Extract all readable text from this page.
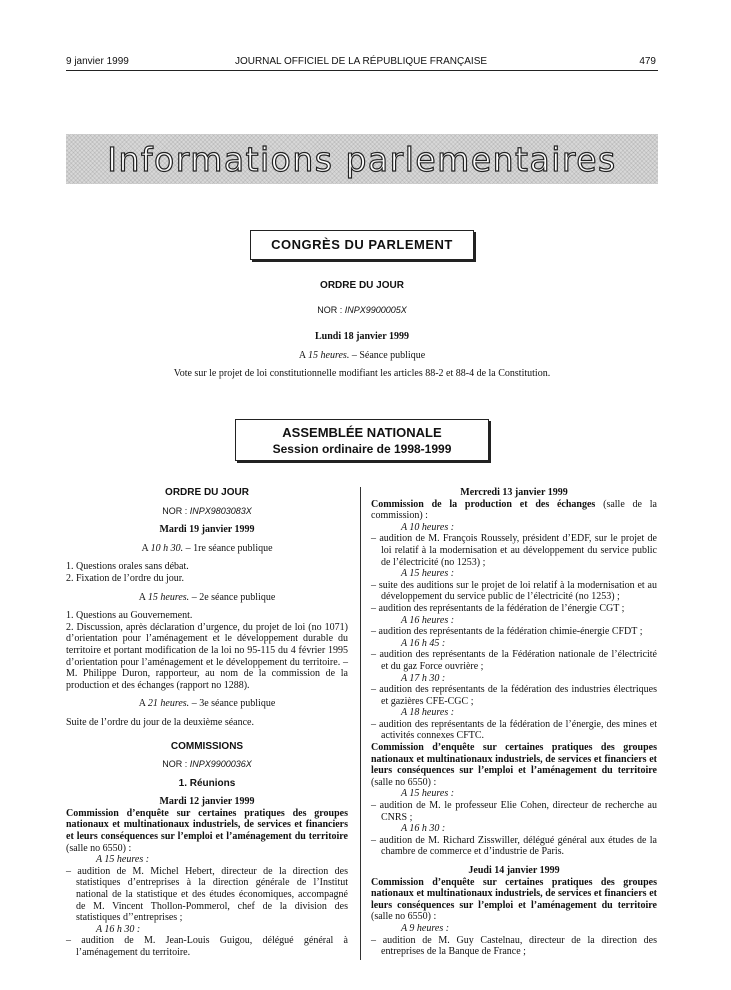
9 janvier 1999	JOURNAL OFFICIEL DE LA RÉPUBLIQUE FRANÇAISE	479
Informations parlementaires
CONGRÈS DU PARLEMENT
ORDRE DU JOUR
NOR : INPX9900005X
Lundi 18 janvier 1999
A 15 heures. – Séance publique
Vote sur le projet de loi constitutionnelle modifiant les articles 88-2 et 88-4 de la Constitution.
ASSEMBLÉE NATIONALE
Session ordinaire de 1998-1999
ORDRE DU JOUR
NOR : INPX9803083X
Mardi 19 janvier 1999
A 10 h 30. – 1re séance publique

1. Questions orales sans débat.

2. Fixation de l’ordre du jour.

A 15 heures. – 2e séance publique

1. Questions au Gouvernement.

2. Discussion, après déclaration d’urgence, du projet de loi (no 1071) d’orientation pour l’aménagement et le développement durable du territoire et portant modification de la loi no 95-115 du 4 février 1995 d’orientation pour l’aménagement et le développement du territoire. – M. Philippe Duron, rapporteur, au nom de la commission de la production et des échanges (rapport no 1288).

A 21 heures. – 3e séance publique

Suite de l’ordre du jour de la deuxième séance.

COMMISSIONS
NOR : INPX9900036X
1. Réunions
Mardi 12 janvier 1999

Commission d’enquête sur certaines pratiques des groupes nationaux et multinationaux industriels, de services et financiers et leurs conséquences sur l’emploi et l’aménagement du territoire (salle no 6550) :

A 15 heures :

– audition de M. Michel Hebert, directeur de la direction des statistiques d’entreprises à la direction générale de l’Institut national de la statistique et des études économiques, accompagné de M. Vincent Thollon-Pommerol, chef de la division des statistiques d’’entreprises ;

A 16 h 30 :

– audition de M. Jean-Louis Guigou, délégué général à l’aménagement du territoire.

Mercredi 13 janvier 1999

Commission de la production et des échanges (salle de la commission) :

A 10 heures :

– audition de M. François Roussely, président d’EDF, sur le projet de loi relatif à la modernisation et au développement du service public de l’électricité (no 1253) ;

A 15 heures :

– suite des auditions sur le projet de loi relatif à la modernisation et au développement du service public de l’électricité (no 1253) ;

– audition des représentants de la fédération de l’énergie CGT ;

A 16 heures :

– audition des représentants de la fédération chimie-énergie CFDT ;

A 16 h 45 :

– audition des représentants de la Fédération nationale de l’électricité et du gaz Force ouvrière ;

A 17 h 30 :

– audition des représentants de la fédération des industries électriques et gazières CFE-CGC ;

A 18 heures :

– audition des représentants de la fédération de l’énergie, des mines et activités connexes CFTC.

Commission d’enquête sur certaines pratiques des groupes nationaux et multinationaux industriels, de services et financiers et leurs conséquences sur l’emploi et l’aménagement du territoire (salle no 6550) :

A 15 heures :

– audition de M. le professeur Elie Cohen, directeur de recherche au CNRS ;

A 16 h 30 :

– audition de M. Richard Zisswiller, délégué général aux études de la chambre de commerce et d’industrie de Paris.

Jeudi 14 janvier 1999

Commission d’enquête sur certaines pratiques des groupes nationaux et multinationaux industriels, de services et financiers et leurs conséquences sur l’emploi et l’aménagement du territoire (salle no 6550) :

A 9 heures :

– audition de M. Guy Castelnau, directeur de la direction des entreprises de la Banque de France ;
